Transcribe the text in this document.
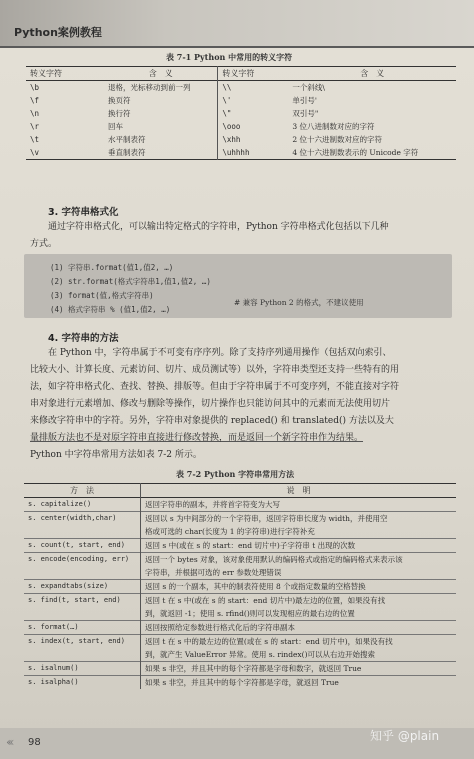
Python案例教程
表 7-1 Python 中常用的转义字符
转义字符	含　义	转义字符	含　义
\b	退格，光标移动到前一列	\\	一个斜线\
\f	换页符	\'	单引号'
\n	换行符	\"	双引号"
\r	回车	\ooo	3 位八进制数对应的字符
\t	水平制表符	\xhh	2 位十六进制数对应的字符
\v	垂直制表符	\uhhhh	4 位十六进制数表示的 Unicode 字符
3. 字符串格式化
通过字符串格式化，可以输出特定格式的字符串，Python 字符串格式化包括以下几种
方式。
(1) 字符串.format(值1,值2, …)
(2) str.format(格式字符串1,值1,值2, …)
(3) format(值,格式字符串)
(4) 格式字符串 % (值1,值2, …)
# 兼容 Python 2 的格式，不建议使用
4. 字符串的方法
在 Python 中，字符串属于不可变有序序列。除了支持序列通用操作（包括双向索引、
比较大小、计算长度、元素访问、切片、成员测试等）以外，字符串类型还支持一些特有的用
法，如字符串格式化、查找、替换、排版等。但由于字符串属于不可变序列，不能直接对字符
串对象进行元素增加、修改与删除等操作，切片操作也只能访问其中的元素而无法使用切片
来修改字符串中的字符。另外，字符串对象提供的 replaced() 和 translated() 方法以及大
量排版方法也不是对原字符串直接进行修改替换，而是返回一个新字符串作为结果。
Python 中字符串常用方法如表 7-2 所示。
表 7-2 Python 字符串常用方法
方　法	说　明
s. capitalize()	返回字符串的副本，并将首字符变为大写

s. center(width,char)	返回以 s 为中间部分的一个字符串，返回字符串长度为 width，并使用空
格或可选的 char(长度为 1 的字符串)进行字符补充

s. count(t, start, end)	返回 s 中(或在 s 的 start：end 切片中)子字符串 t 出现的次数

s. encode(encoding, err)	返回一个 bytes 对象，该对象使用默认的编码格式或指定的编码格式来表示该
字符串，并根据可选的 err 参数处理错误

s. expandtabs(size)	返回 s 的一个副本，其中的制表符使用 8 个或指定数量的空格替换

s. find(t, start, end)	返回 t 在 s 中(或在 s 的 start：end 切片中)最左边的位置，如果没有找
到，就返回 -1；使用 s. rfind()则可以发现相应的最右边的位置

s. format(…)	返回按照给定参数进行格式化后的字符串副本

s. index(t, start, end)	返回 t 在 s 中的最左边的位置(或在 s 的 start：end 切片中)，如果没有找
到，就产生 ValueError 异常。使用 s. rindex()可以从右边开始搜索

s. isalnum()	如果 s 非空，并且其中的每个字符都是字母和数字，就返回 True

s. isalpha()	如果 s 非空，并且其中的每个字符都是字母，就返回 True
‹‹‹ 98	知乎 @plain
